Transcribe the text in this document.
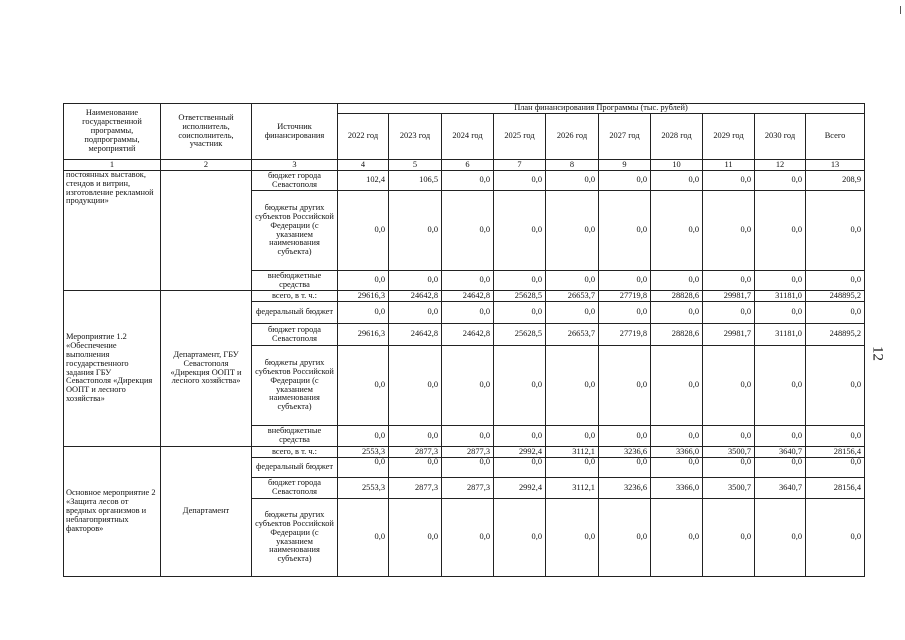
12
Наименование государственной программы, подпрограммы, мероприятий	Ответственный исполнитель, соисполнитель, участник	Источник финансирования	План финансирования Программы (тыс. рублей)									
			2022 год	2023 год	2024 год	2025 год	2026 год	2027 год	2028 год	2029 год	2030 год	Всего
1	2	3	4	5	6	7	8	9	10	11	12	13
постоянных выставок, стендов и витрин, изготовление рекламной продукции»		бюджет города Севастополя	102,4	106,5	0,0	0,0	0,0	0,0	0,0	0,0	0,0	208,9
		бюджеты других субъектов Российской Федерации (с указанием наименования субъекта)	0,0	0,0	0,0	0,0	0,0	0,0	0,0	0,0	0,0	0,0
		внебюджетные средства	0,0	0,0	0,0	0,0	0,0	0,0	0,0	0,0	0,0	0,0
Мероприятие 1.2 «Обеспечение выполнения государственного задания ГБУ Севастополя «Дирекция ООПТ и лесного хозяйства»	Департамент, ГБУ Севастополя «Дирекция ООПТ и лесного хозяйства»	всего, в т. ч.:	29616,3	24642,8	24642,8	25628,5	26653,7	27719,8	28828,6	29981,7	31181,0	248895,2
		федеральный бюджет	0,0	0,0	0,0	0,0	0,0	0,0	0,0	0,0	0,0	0,0
		бюджет города Севастополя	29616,3	24642,8	24642,8	25628,5	26653,7	27719,8	28828,6	29981,7	31181,0	248895,2
		бюджеты других субъектов Российской Федерации (с указанием наименования субъекта)	0,0	0,0	0,0	0,0	0,0	0,0	0,0	0,0	0,0	0,0
		внебюджетные средства	0,0	0,0	0,0	0,0	0,0	0,0	0,0	0,0	0,0	0,0
Основное мероприятие 2 «Защита лесов от вредных организмов и неблагоприятных факторов»	Департамент	всего, в т. ч.:	2553,3	2877,3	2877,3	2992,4	3112,1	3236,6	3366,0	3500,7	3640,7	28156,4
		федеральный бюджет	0,0	0,0	0,0	0,0	0,0	0,0	0,0	0,0	0,0	0,0
		бюджет города Севастополя	2553,3	2877,3	2877,3	2992,4	3112,1	3236,6	3366,0	3500,7	3640,7	28156,4
		бюджеты других субъектов Российской Федерации (с указанием наименования субъекта)	0,0	0,0	0,0	0,0	0,0	0,0	0,0	0,0	0,0	0,0
